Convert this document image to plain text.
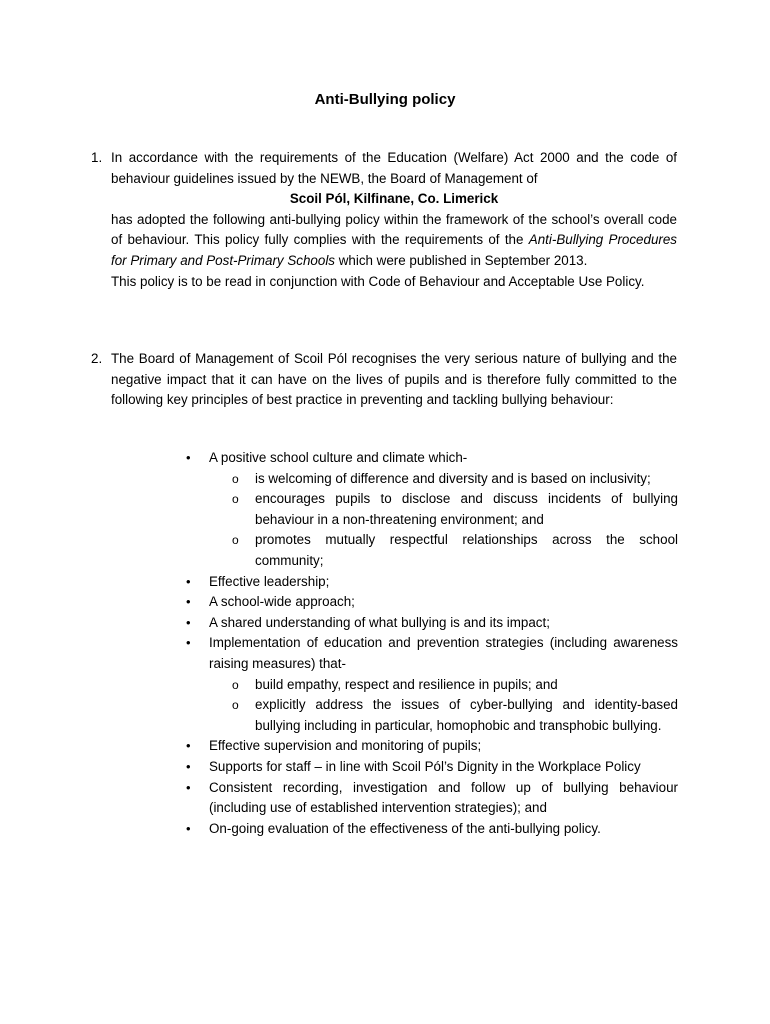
Anti-Bullying policy
1. In accordance with the requirements of the Education (Welfare) Act 2000 and the code of behaviour guidelines issued by the NEWB, the Board of Management of

Scoil Pól, Kilfinane, Co. Limerick

has adopted the following anti-bullying policy within the framework of the school’s overall code of behaviour. This policy fully complies with the requirements of the Anti-Bullying Procedures for Primary and Post-Primary Schools which were published in September 2013.

This policy is to be read in conjunction with Code of Behaviour and Acceptable Use Policy.

2. The Board of Management of Scoil Pól recognises the very serious nature of bullying and the negative impact that it can have on the lives of pupils and is therefore fully committed to the following key principles of best practice in preventing and tackling bullying behaviour:
•	A positive school culture and climate which-
o is welcoming of difference and diversity and is based on inclusivity;
o encourages pupils to disclose and discuss incidents of bullying behaviour in a non-threatening environment; and
o promotes mutually respectful relationships across the school community;
•	Effective leadership;
•	A school-wide approach;
•	A shared understanding of what bullying is and its impact;
•	Implementation of education and prevention strategies (including awareness raising measures) that-
o build empathy, respect and resilience in pupils; and
o explicitly address the issues of cyber-bullying and identity-based bullying including in particular, homophobic and transphobic bullying.
•	Effective supervision and monitoring of pupils;
•	Supports for staff – in line with Scoil Pól’s Dignity in the Workplace Policy
•	Consistent recording, investigation and follow up of bullying behaviour (including use of established intervention strategies); and
•	On-going evaluation of the effectiveness of the anti-bullying policy.
